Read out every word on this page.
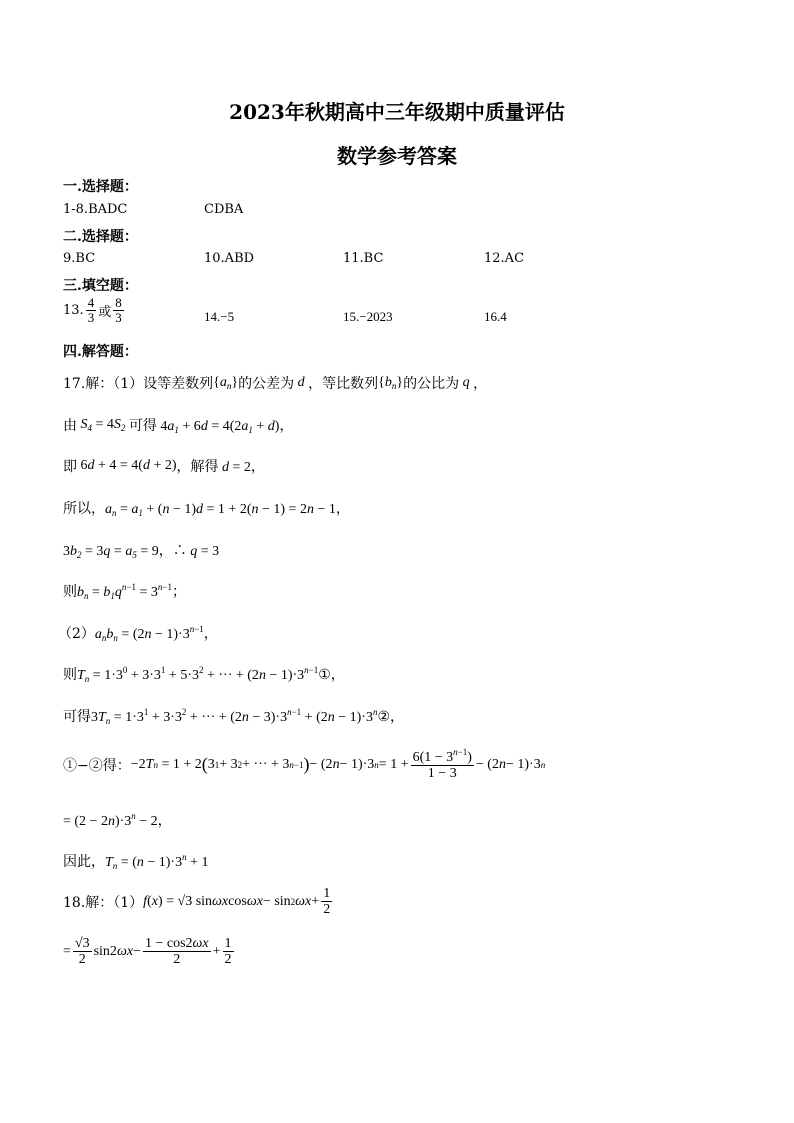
2023年秋期高中三年级期中质量评估
数学参考答案
一.选择题：
1-8.BADC	CDBA
二.选择题：
9.BC	10.ABD	11.BC	12.AC
三.填空题：
13. $\frac{4}{3}$ 或 $\frac{8}{3}$	14.−5	15.−2023	16.4
四.解答题：
17.解：（1）设等差数列 $\{a_n\}$ 的公差为 d ，等比数列 $\{b_n\}$ 的公比为 q ，
由 $S_4 = 4S_2$ 可得 $4a_1 + 6d = 4(2a_1 + d)$，
即 6d + 4 = 4(d + 2) ，解得 d = 2，
所以， $a_n = a_1 + (n - 1)d = 1 + 2(n - 1) = 2n - 1$，
$3b_2 = 3q = a_5 = 9$，∴ q = 3
则 $b_n = b_1q^{n-1} = 3^{n-1}$；
（2） $a_nb_n = (2n - 1)\cdot 3^{n-1}$，
则 $T_n = 1\cdot 3^0 + 3\cdot 3^1 + 5\cdot 3^2$ + ··· + $(2n - 1)\cdot 3^{n-1}$ ①，
可得 $3T_n = 1\cdot 3^1 + 3\cdot 3^2$ + ··· + $(2n - 3)\cdot 3^{n-1} + (2n - 1)\cdot 3^n$ ②，
①−②得： −2 T n = 1 + 2 ( 3 1 + 3 2 + ··· + 3 n−1 ) − (2 n − 1)·3 $n = 1 + \frac{6(1 - 3^{n-1})}{1 - 3} - (2$ n − 1)·3 n
= $(2 - 2n)\cdot 3^n - 2$，
因此， $T_n = (n - 1)\cdot 3^n + 1$
18.解：（1） f ( x ) = √3 sin ωx cos ωx − sin 2 $\omega x + \frac{1}{2}$
= $\frac{√3}{2} \sin 2$ $\omega x - \frac{1 - \cos 2\omega x}{2} + \frac{1}{2}$
